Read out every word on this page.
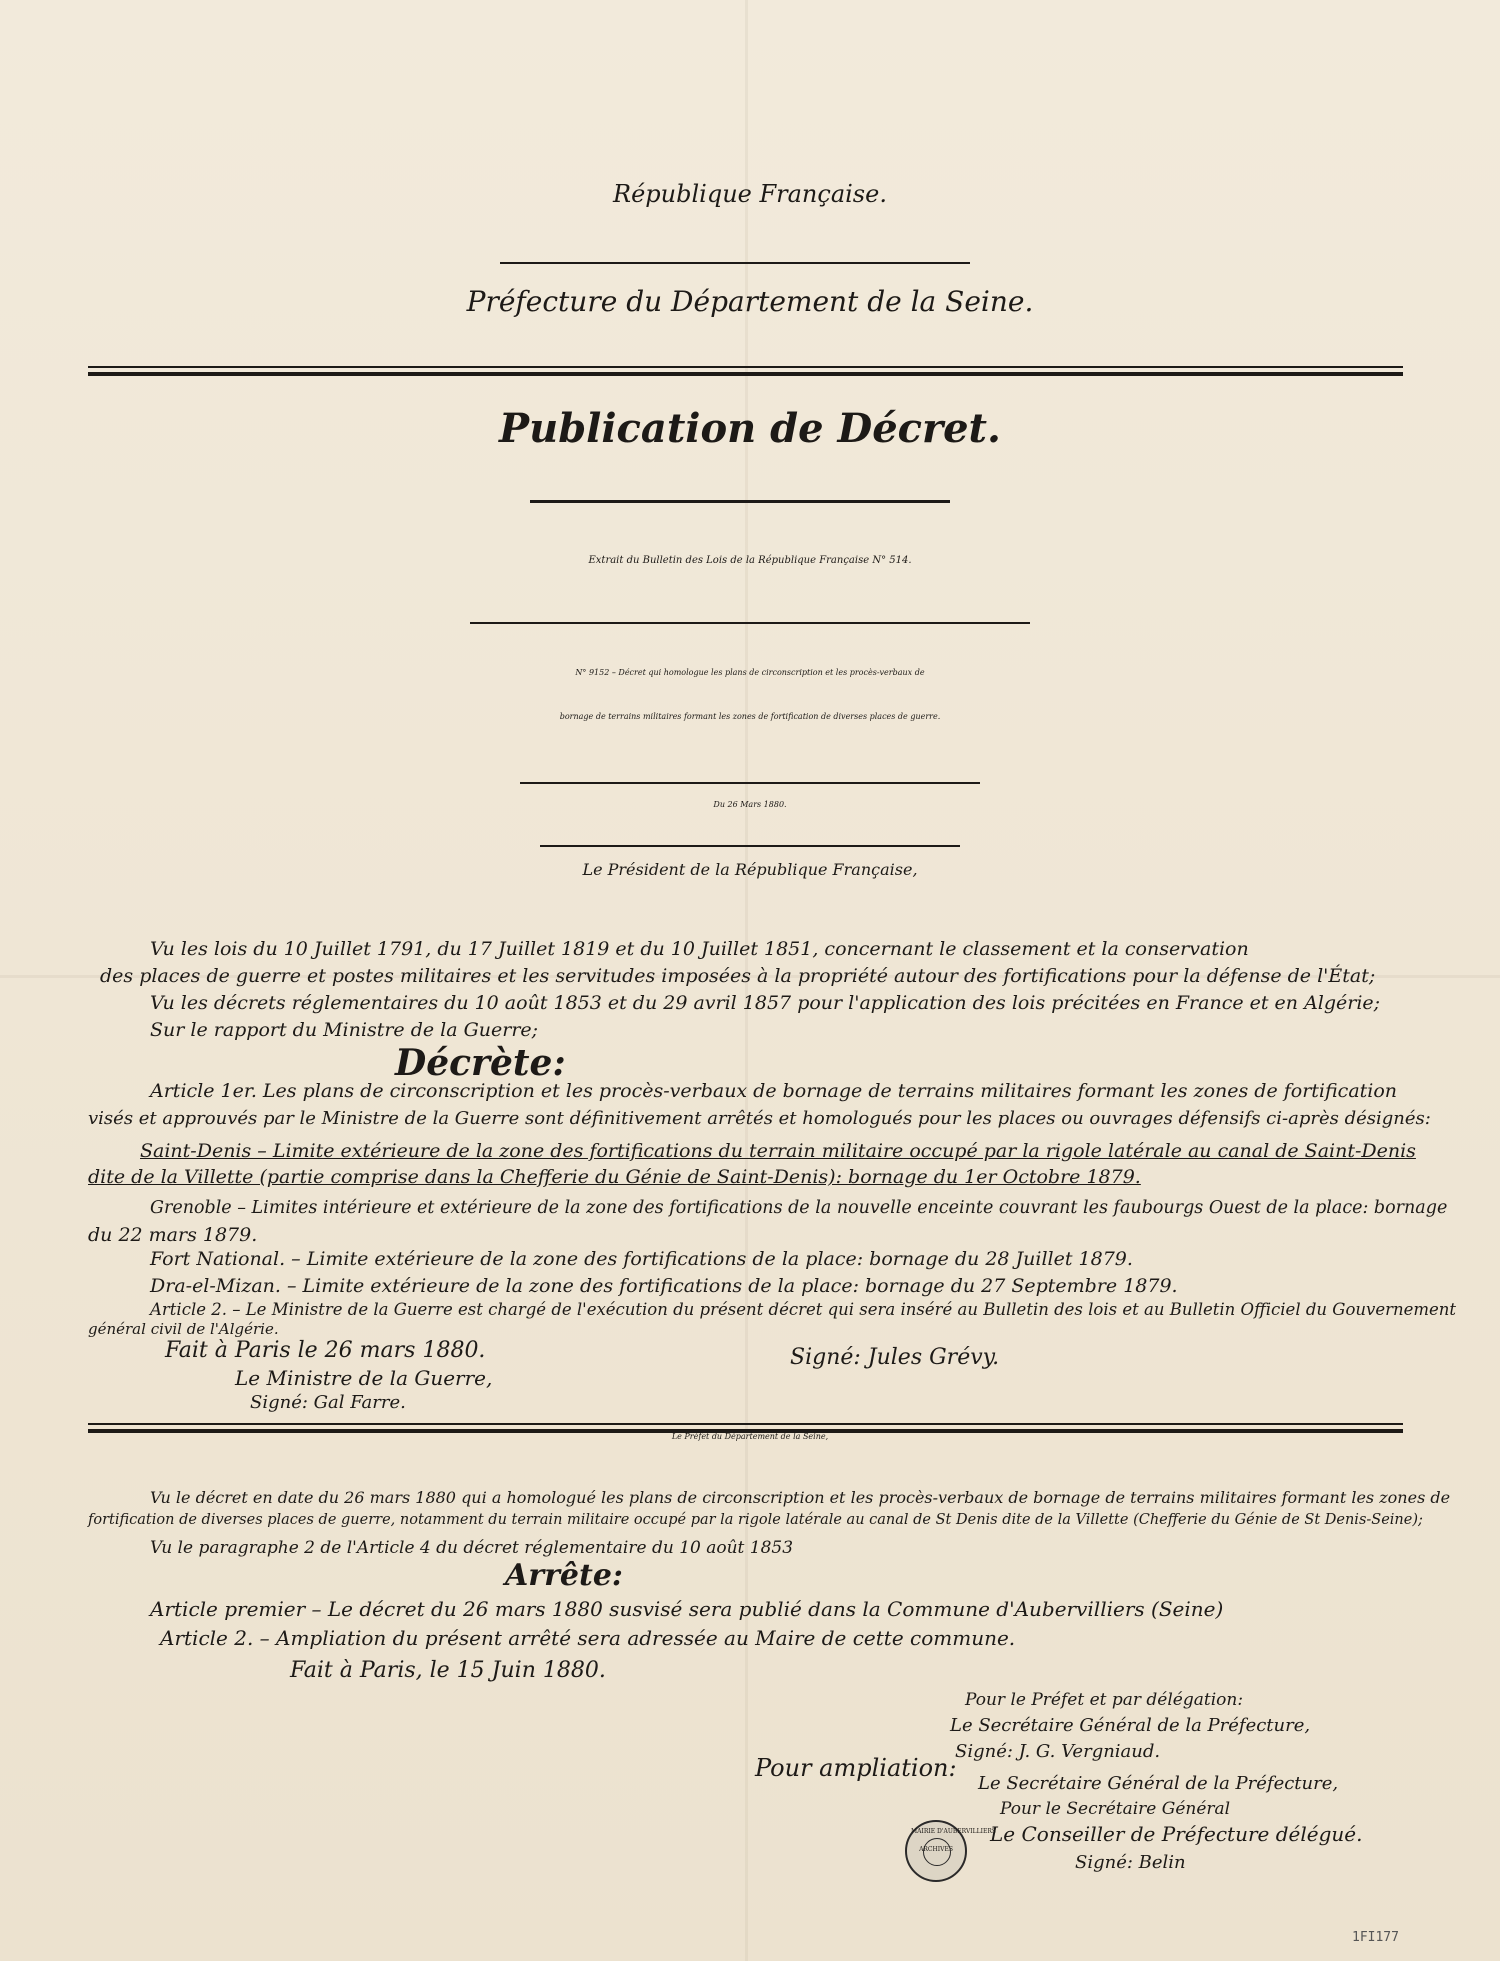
République Française.
Préfecture du Département de la Seine.
Publication de Décret.
Extrait du Bulletin des Lois de la République Française N° 514.
N° 9152 – Décret qui homologue les plans de circonscription et les procès-verbaux de
bornage de terrains militaires formant les zones de fortification de diverses places de guerre.
Du 26 Mars 1880.
Le Président de la République Française,
Vu les lois du 10 Juillet 1791, du 17 Juillet 1819 et du 10 Juillet 1851, concernant le classement et la conservation
des places de guerre et postes militaires et les servitudes imposées à la propriété autour des fortifications pour la défense de l'État;
Vu les décrets réglementaires du 10 août 1853 et du 29 avril 1857 pour l'application des lois précitées en France et en Algérie;
Sur le rapport du Ministre de la Guerre;
Décrète:
Article 1er. Les plans de circonscription et les procès-verbaux de bornage de terrains militaires formant les zones de fortification
visés et approuvés par le Ministre de la Guerre sont définitivement arrêtés et homologués pour les places ou ouvrages défensifs ci-après désignés:
Saint-Denis – Limite extérieure de la zone des fortifications du terrain militaire occupé par la rigole latérale au canal de Saint-Denis
dite de la Villette (partie comprise dans la Chefferie du Génie de Saint-Denis): bornage du 1er Octobre 1879.
Grenoble – Limites intérieure et extérieure de la zone des fortifications de la nouvelle enceinte couvrant les faubourgs Ouest de la place: bornage
du 22 mars 1879.
Fort National. – Limite extérieure de la zone des fortifications de la place: bornage du 28 Juillet 1879.
Dra-el-Mizan. – Limite extérieure de la zone des fortifications de la place: bornage du 27 Septembre 1879.
Article 2. – Le Ministre de la Guerre est chargé de l'exécution du présent décret qui sera inséré au Bulletin des lois et au Bulletin Officiel du Gouvernement
général civil de l'Algérie.
Fait à Paris le 26 mars 1880.	Signé: Jules Grévy.
Le Ministre de la Guerre,
Signé: Gal Farre.
Le Préfet du Département de la Seine,
Vu le décret en date du 26 mars 1880 qui a homologué les plans de circonscription et les procès-verbaux de bornage de terrains militaires formant les zones de
fortification de diverses places de guerre, notamment du terrain militaire occupé par la rigole latérale au canal de St Denis dite de la Villette (Chefferie du Génie de St Denis-Seine);
Vu le paragraphe 2 de l'Article 4 du décret réglementaire du 10 août 1853
Arrête:
Article premier – Le décret du 26 mars 1880 susvisé sera publié dans la Commune d'Aubervilliers (Seine)
Article 2. – Ampliation du présent arrêté sera adressée au Maire de cette commune.
Fait à Paris, le 15 Juin 1880.
Pour le Préfet et par délégation:
Le Secrétaire Général de la Préfecture,
Signé: J. G. Vergniaud.
Pour ampliation:
Le Secrétaire Général de la Préfecture,
Pour le Secrétaire Général
Le Conseiller de Préfecture délégué.
Signé: Belin
MAIRIE D'AUBERVILLIERS
ARCHIVES
1FI177
